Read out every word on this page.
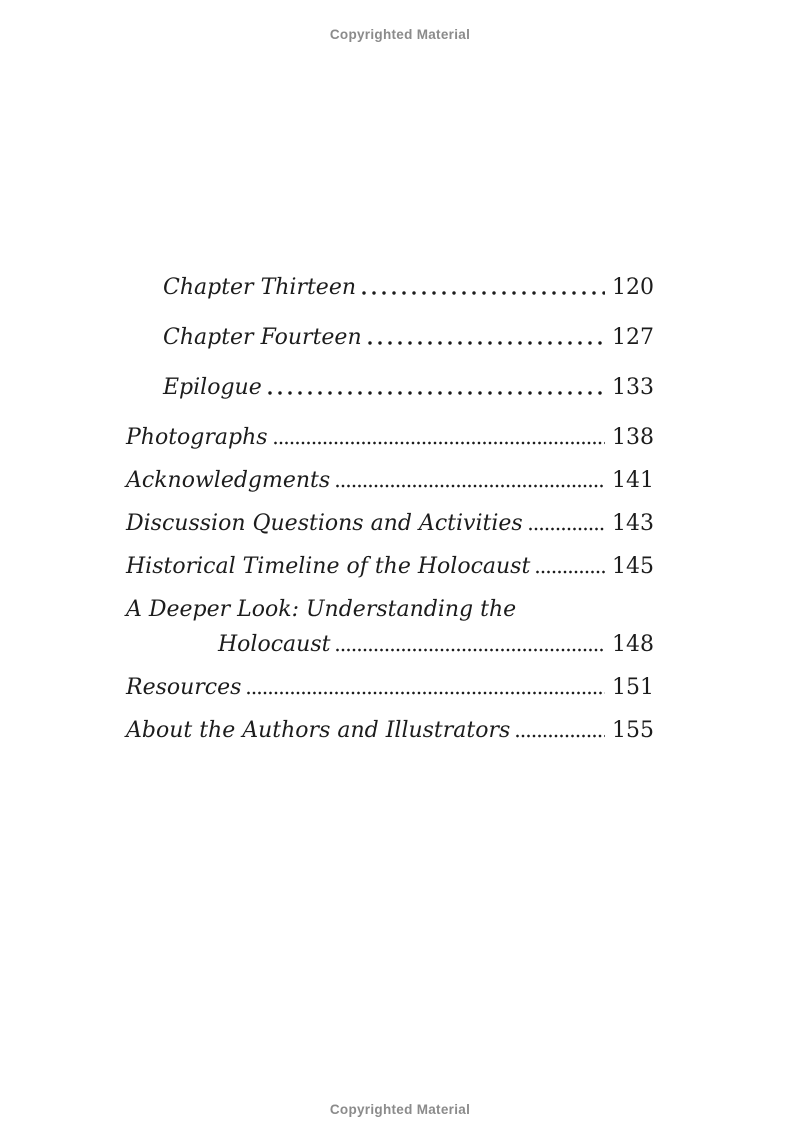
Copyrighted Material
Chapter Thirteen	120
Chapter Fourteen	127
Epilogue	133
Photographs	138
Acknowledgments	141
Discussion Questions and Activities	143
Historical Timeline of the Holocaust	145
A Deeper Look: Understanding the
Holocaust	148
Resources	151
About the Authors and Illustrators	155
Copyrighted Material
